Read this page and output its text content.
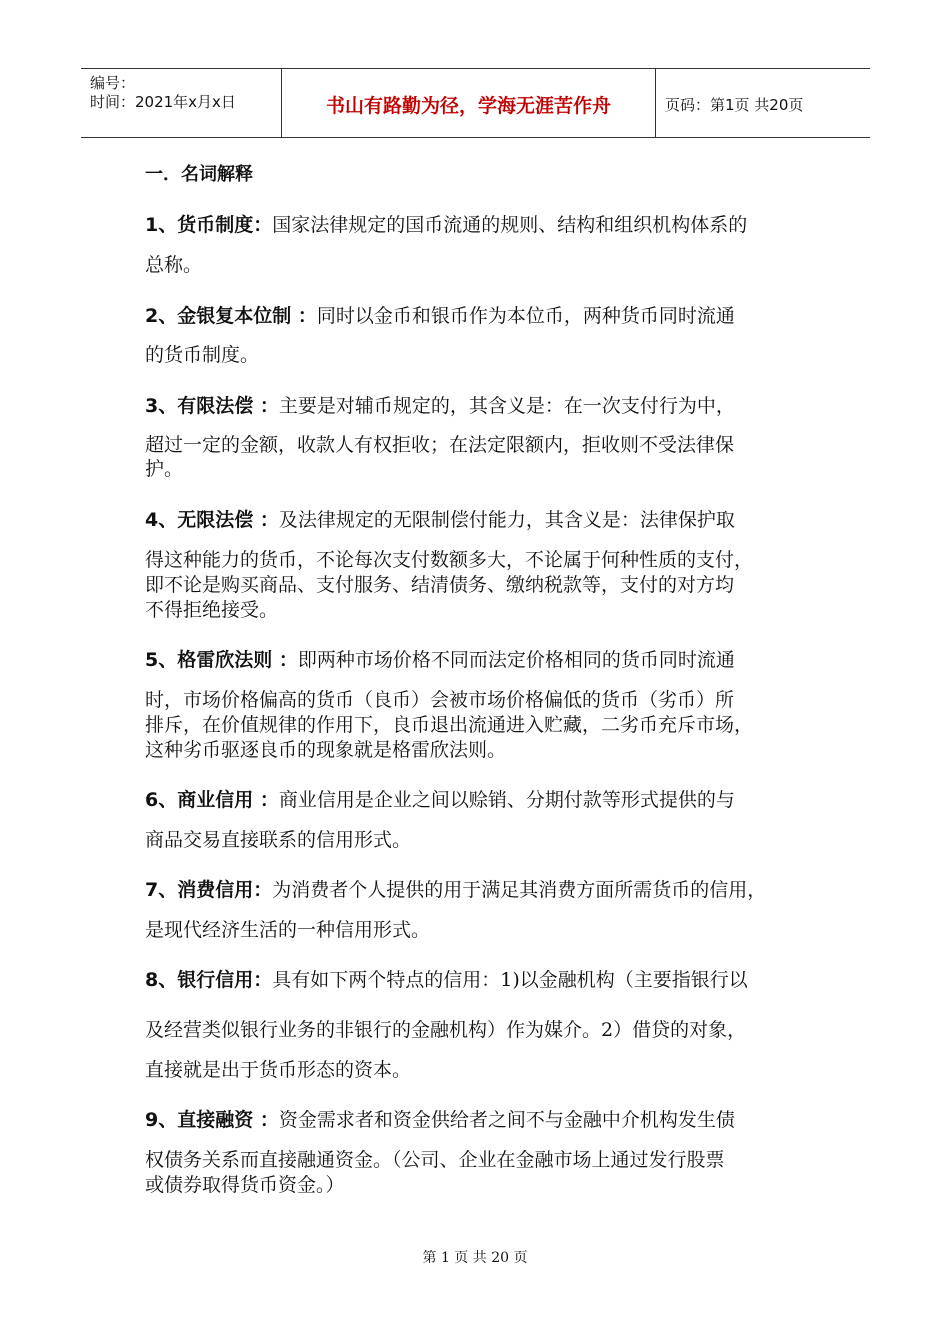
编号：
时间：2021年x月x日	书山有路勤为径，学海无涯苦作舟	页码：第1页 共20页
一．名词解释
1、货币制度：国家法律规定的国币流通的规则、结构和组织机构体系的
总称。
2、金银复本位制 ：同时以金币和银币作为本位币，两种货币同时流通
的货币制度。
3、有限法偿 ：主要是对辅币规定的，其含义是：在一次支付行为中，
超过一定的金额，收款人有权拒收；在法定限额内，拒收则不受法律保
护。
4、无限法偿 ：及法律规定的无限制偿付能力，其含义是：法律保护取
得这种能力的货币，不论每次支付数额多大，不论属于何种性质的支付，
即不论是购买商品、支付服务、结清债务、缴纳税款等，支付的对方均
不得拒绝接受。
5、格雷欣法则 ：即两种市场价格不同而法定价格相同的货币同时流通
时，市场价格偏高的货币（良币）会被市场价格偏低的货币（劣币）所
排斥，在价值规律的作用下，良币退出流通进入贮藏，二劣币充斥市场，
这种劣币驱逐良币的现象就是格雷欣法则。
6、商业信用 ：商业信用是企业之间以赊销、分期付款等形式提供的与
商品交易直接联系的信用形式。
7、消费信用：为消费者个人提供的用于满足其消费方面所需货币的信用，
是现代经济生活的一种信用形式。
8、银行信用：具有如下两个特点的信用：1)以金融机构（主要指银行以
及经营类似银行业务的非银行的金融机构）作为媒介。2）借贷的对象，
直接就是出于货币形态的资本。
9、直接融资 ：资金需求者和资金供给者之间不与金融中介机构发生债
权债务关系而直接融通资金。（公司、企业在金融市场上通过发行股票
或债券取得货币资金。）
第 1 页 共 20 页
